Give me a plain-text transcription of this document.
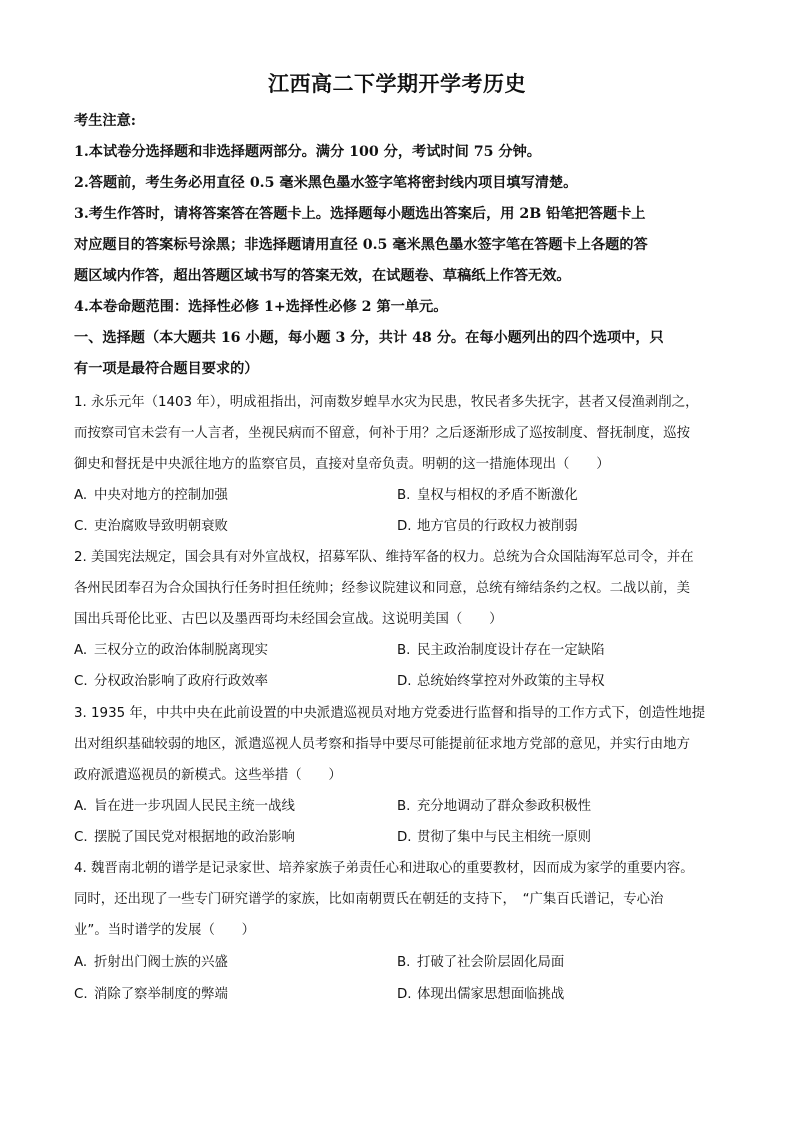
江西高二下学期开学考历史
考生注意:
1.本试卷分选择题和非选择题两部分。满分 100 分，考试时间 75 分钟。
2.答题前，考生务必用直径 0.5 毫米黑色墨水签字笔将密封线内项目填写清楚。
3.考生作答时，请将答案答在答题卡上。选择题每小题选出答案后，用 2B 铅笔把答题卡上
对应题目的答案标号涂黑；非选择题请用直径 0.5 毫米黑色墨水签字笔在答题卡上各题的答
题区域内作答，超出答题区域书写的答案无效，在试题卷、草稿纸上作答无效。
4.本卷命题范围：选择性必修 1+选择性必修 2 第一单元。
一、选择题（本大题共 16 小题，每小题 3 分，共计 48 分。在每小题列出的四个选项中，只
有一项是最符合题目要求的）
1. 永乐元年（1403 年），明成祖指出，河南数岁蝗旱水灾为民患，牧民者多失抚字，甚者又侵渔剥削之，
而按察司官未尝有一人言者，坐视民病而不留意，何补于用？之后逐渐形成了巡按制度、督抚制度，巡按
御史和督抚是中央派往地方的监察官员，直接对皇帝负责。明朝的这一措施体现出（　　）
A. 中央对地方的控制加强	B. 皇权与相权的矛盾不断激化
C. 吏治腐败导致明朝衰败	D. 地方官员的行政权力被削弱
2. 美国宪法规定，国会具有对外宣战权，招募军队、维持军备的权力。总统为合众国陆海军总司令，并在
各州民团奉召为合众国执行任务时担任统帅；经参议院建议和同意，总统有缔结条约之权。二战以前，美
国出兵哥伦比亚、古巴以及墨西哥均未经国会宣战。这说明美国（　　）
A. 三权分立的政治体制脱离现实	B. 民主政治制度设计存在一定缺陷
C. 分权政治影响了政府行政效率	D. 总统始终掌控对外政策的主导权
3. 1935 年，中共中央在此前设置的中央派遣巡视员对地方党委进行监督和指导的工作方式下，创造性地提
出对组织基础较弱的地区，派遣巡视人员考察和指导中要尽可能提前征求地方党部的意见，并实行由地方
政府派遣巡视员的新模式。这些举措（　　）
A. 旨在进一步巩固人民民主统一战线	B. 充分地调动了群众参政积极性
C. 摆脱了国民党对根据地的政治影响	D. 贯彻了集中与民主相统一原则
4. 魏晋南北朝的谱学是记录家世、培养家族子弟责任心和进取心的重要教材，因而成为家学的重要内容。
同时，还出现了一些专门研究谱学的家族，比如南朝贾氏在朝廷的支持下，　“广集百氏谱记，专心治
业”。当时谱学的发展（　　）
A. 折射出门阀士族的兴盛	B. 打破了社会阶层固化局面
C. 消除了察举制度的弊端	D. 体现出儒家思想面临挑战
